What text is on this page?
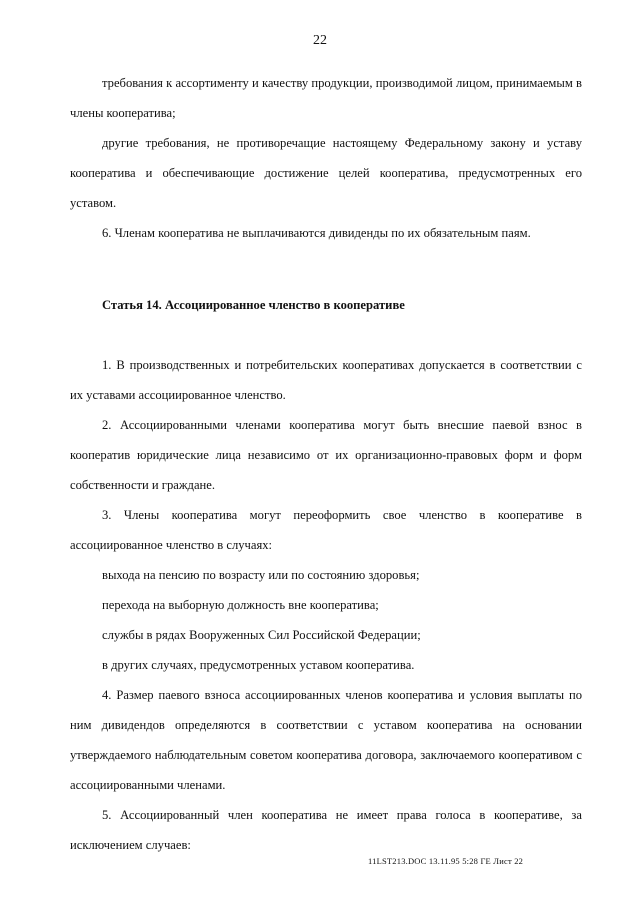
22

требования к ассортименту и качеству продукции, производимой лицом, принимаемым в члены кооператива;

другие требования, не противоречащие настоящему Федеральному закону и уставу кооператива и обеспечивающие достижение целей кооператива, предусмотренных его уставом.

6. Членам кооператива не выплачиваются дивиденды по их обязательным паям.

Статья 14. Ассоциированное членство в кооперативе

1. В производственных и потребительских кооперативах допускается в соответствии с их уставами ассоциированное членство.

2. Ассоциированными членами кооператива могут быть внесшие паевой взнос в кооператив юридические лица независимо от их организационно-правовых форм и форм собственности и граждане.

3. Члены кооператива могут переоформить свое членство в кооперативе в ассоциированное членство в случаях:

выхода на пенсию по возрасту или по состоянию здоровья;

перехода на выборную должность вне кооператива;

службы в рядах Вооруженных Сил Российской Федерации;

в других случаях, предусмотренных уставом кооператива.

4. Размер паевого взноса ассоциированных членов кооператива и условия выплаты по ним дивидендов определяются в соответствии с уставом кооператива на основании утверждаемого наблюдательным советом кооператива договора, заключаемого кооперативом с ассоциированными членами.

5. Ассоциированный член кооператива не имеет права голоса в кооперативе, за исключением случаев:

11LST213.DOC 13.11.95 5:28 ГЕ Лист 22
